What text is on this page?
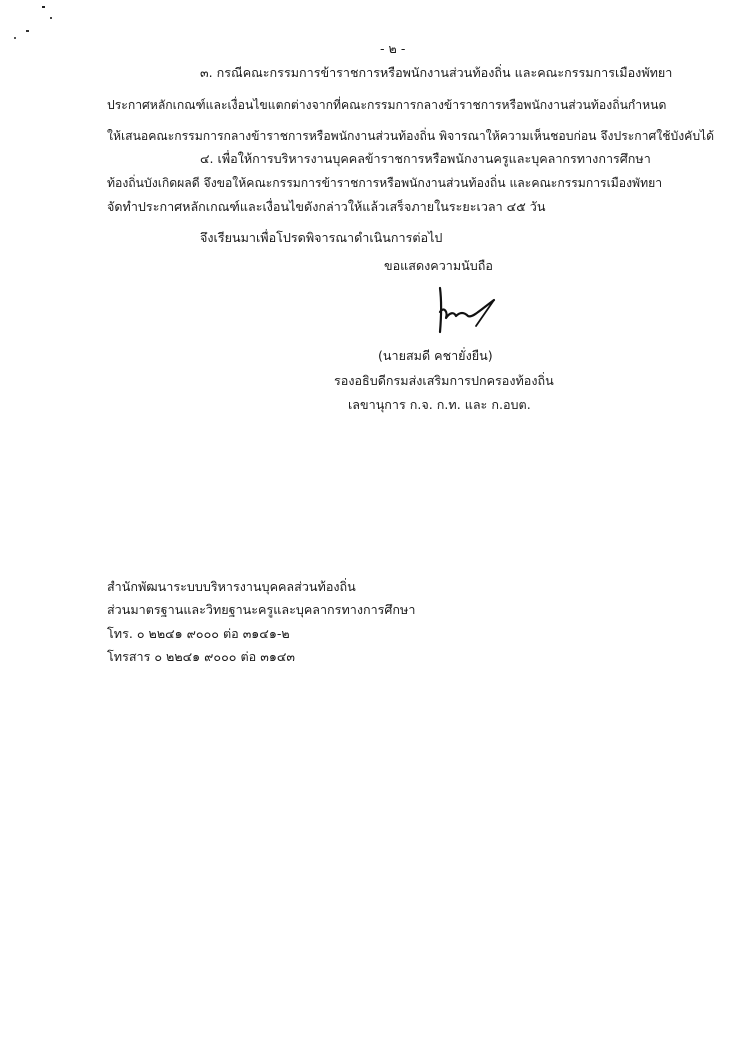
- ๒ -
๓. กรณีคณะกรรมการข้าราชการหรือพนักงานส่วนท้องถิ่น และคณะกรรมการเมืองพัทยา
ประกาศหลักเกณฑ์และเงื่อนไขแตกต่างจากที่คณะกรรมการกลางข้าราชการหรือพนักงานส่วนท้องถิ่นกำหนด
ให้เสนอคณะกรรมการกลางข้าราชการหรือพนักงานส่วนท้องถิ่น พิจารณาให้ความเห็นชอบก่อน จึงประกาศใช้บังคับได้
๔. เพื่อให้การบริหารงานบุคคลข้าราชการหรือพนักงานครูและบุคลากรทางการศึกษา
ท้องถิ่นบังเกิดผลดี จึงขอให้คณะกรรมการข้าราชการหรือพนักงานส่วนท้องถิ่น และคณะกรรมการเมืองพัทยา
จัดทำประกาศหลักเกณฑ์และเงื่อนไขดังกล่าวให้แล้วเสร็จภายในระยะเวลา ๔๕ วัน
จึงเรียนมาเพื่อโปรดพิจารณาดำเนินการต่อไป
ขอแสดงความนับถือ
(นายสมดี คชายั่งยืน)
รองอธิบดีกรมส่งเสริมการปกครองท้องถิ่น
เลขานุการ ก.จ. ก.ท. และ ก.อบต.
สำนักพัฒนาระบบบริหารงานบุคคลส่วนท้องถิ่น
ส่วนมาตรฐานและวิทยฐานะครูและบุคลากรทางการศึกษา
โทร. ๐ ๒๒๔๑ ๙๐๐๐ ต่อ ๓๑๔๑-๒
โทรสาร ๐ ๒๒๔๑ ๙๐๐๐ ต่อ ๓๑๔๓
